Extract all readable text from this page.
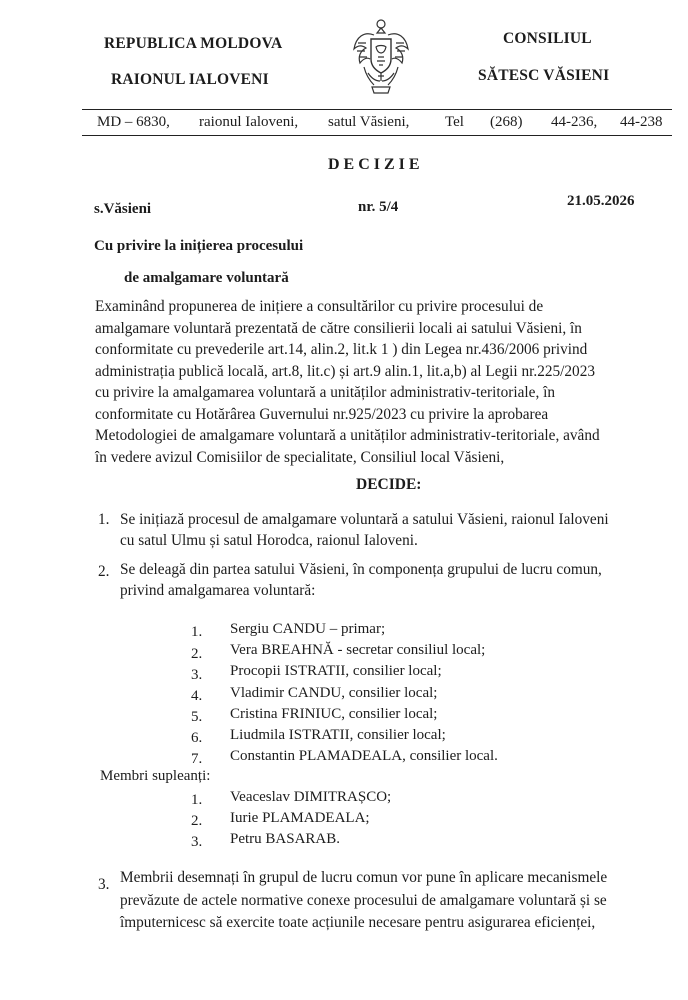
REPUBLICA MOLDOVA
RAIONUL IALOVENI
CONSILIUL
SĂTESC VĂSIENI
MD – 6830, raionul Ialoveni, satul Văsieni, Tel (268) 44-236, 44-238
DECIZIE
s.Văsieni	nr. 5/4	21.05.2026
Cu privire la inițierea procesului
de amalgamare voluntară
Examinând propunerea de inițiere a consultărilor cu privire procesului de
amalgamare voluntară prezentată de către consilierii locali ai satului Văsieni, în
conformitate cu prevederile art.14, alin.2, lit.k 1 ) din Legea nr.436/2006 privind
administrația publică locală, art.8, lit.c) și art.9 alin.1, lit.a,b) al Legii nr.225/2023
cu privire la amalgamarea voluntară a unităților administrativ-teritoriale, în
conformitate cu Hotărârea Guvernului nr.925/2023 cu privire la aprobarea
Metodologiei de amalgamare voluntară a unităților administrativ-teritoriale, având
în vedere avizul Comisiilor de specialitate, Consiliul local Văsieni,
DECIDE:
1. Se inițiază procesul de amalgamare voluntară a satului Văsieni, raionul Ialoveni
cu satul Ulmu și satul Horodca, raionul Ialoveni.
2. Se deleagă din partea satului Văsieni, în componența grupului de lucru comun,
privind amalgamarea voluntară:
1. Sergiu CANDU – primar;
2. Vera BREAHNĂ - secretar consiliul local;
3. Procopii ISTRATII, consilier local;
4. Vladimir CANDU, consilier local;
5. Cristina FRINIUC, consilier local;
6. Liudmila ISTRATII, consilier local;
7. Constantin PLAMADEALA, consilier local.
Membri supleanți:
1. Veaceslav DIMITRAȘCO;
2. Iurie PLAMADEALA;
3. Petru BASARAB.
3. Membrii desemnați în grupul de lucru comun vor pune în aplicare mecanismele
prevăzute de actele normative conexe procesului de amalgamare voluntară și se
împuternicesc să exercite toate acțiunile necesare pentru asigurarea eficienței,
